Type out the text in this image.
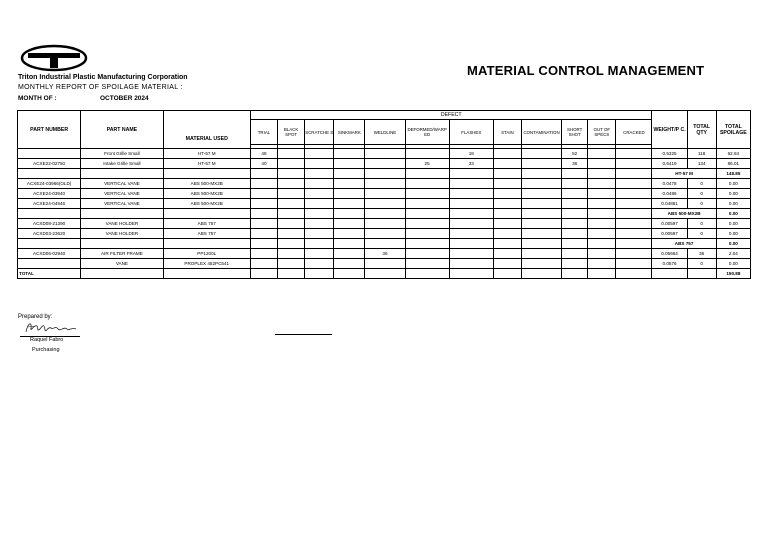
Triton Industrial Plastic Manufacturing Corporation
MONTHLY REPORT OF SPOILAGE MATERIAL :
MONTH OF :	OCTOBER 2024
MATERIAL CONTROL MANAGEMENT
PART NUMBER	PART NAME	MATERIAL USED	DEFECT												WEIGHT/P C.	TOTAL QTY	TOTAL SPOILAGE
			TRIAL	BLACK SPOT	SCRATCHE S	SINKMARK	WELDLINE	DEFORMED/WARP ED	FLASHES	STAIN	CONTAMINATION	SHORT SHOT	OUT OF SPECS	CRACKED			

	Front Grille Small	HT-57 M	48						18			52			0.5325	118	62.84
ACXE22-02750	Intake Grille Small	HT-57 M	40					25	33			36			0.6419	134	86.01
															HT-57 M		148.85
ACXE24-03966(OLD)	VERTICAL VANE	ABS 500-MX2B													0.0478	0	0.00
ACXE24-03940	VERTICAL VANE	ABS 500-MX2B													0.0486	0	0.00
ACXE24-04946	VERTICAL VANE	ABS 500-MX2B													0.04861	0	0.00
															ABS 500-MX2B		0.00
ACXD08-21390	VANE HOLDER	ABS 757													0.00597	0	0.00
ACXD03-23620	VANE HOLDER	ABS 757													0.00597	0	0.00
															ABS 757		0.00
ACXD06-02940	AIR FILTER FRAME	PP1200L					36								0.05664	36	2.04
	VANE	PROPLEX 452PC541													0.0576	0	0.00
TOTAL																	150.88
Prepared by:
Raquel Fabro
Purchasing
